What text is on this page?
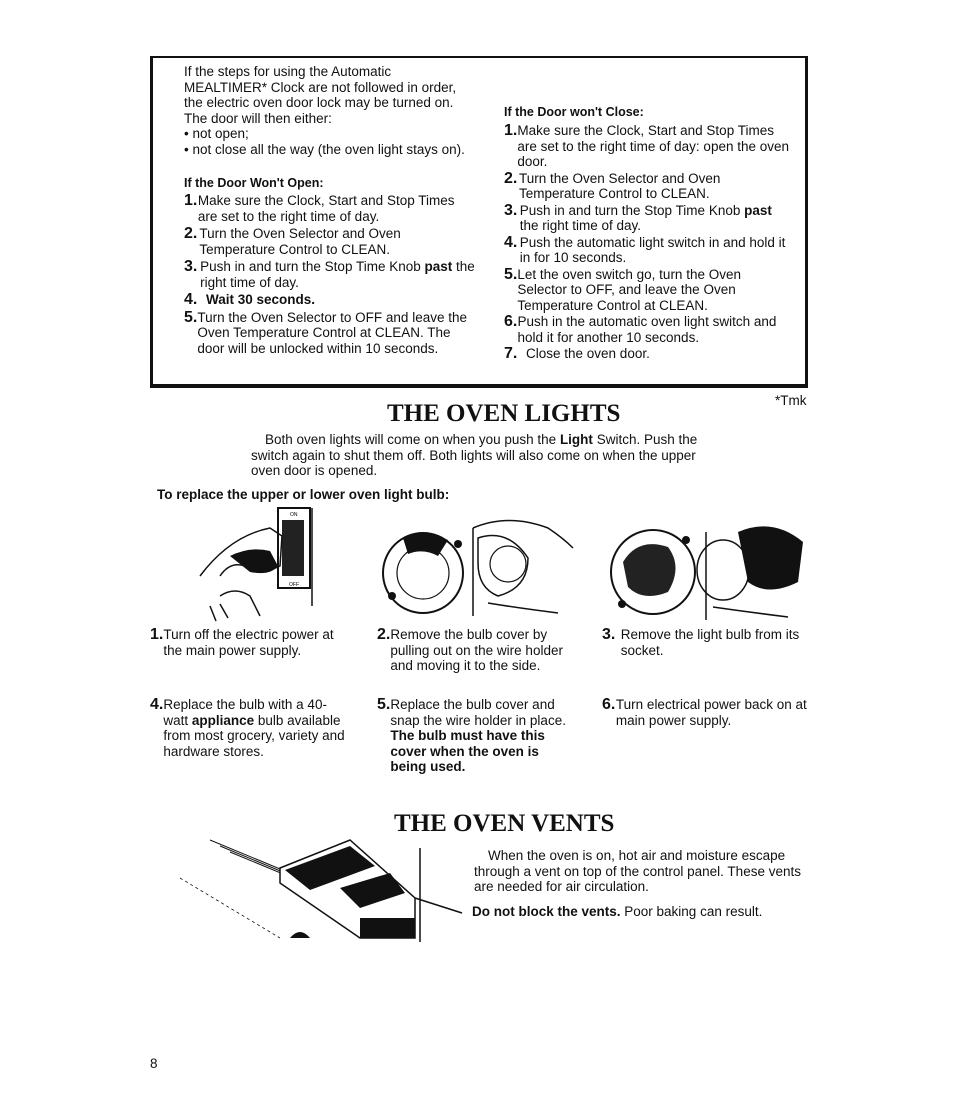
If the steps for using the Automatic MEALTIMER* Clock are not followed in order, the electric oven door lock may be turned on. The door will then either:
• not open;
• not close all the way (the oven light stays on).
If the Door Won't Open:
1. Make sure the Clock, Start and Stop Times are set to the right time of day.
2. Turn the Oven Selector and Oven Temperature Control to CLEAN.
3. Push in and turn the Stop Time Knob past the right time of day.
4. Wait 30 seconds.
5. Turn the Oven Selector to OFF and leave the Oven Temperature Control at CLEAN. The door will be unlocked within 10 seconds.
If the Door won't Close:
1. Make sure the Clock, Start and Stop Times are set to the right time of day: open the oven door.
2. Turn the Oven Selector and Oven Temperature Control to CLEAN.
3. Push in and turn the Stop Time Knob past the right time of day.
4. Push the automatic light switch in and hold it in for 10 seconds.
5. Let the oven switch go, turn the Oven Selector to OFF, and leave the Oven Temperature Control at CLEAN.
6. Push in the automatic oven light switch and hold it for another 10 seconds.
7. Close the oven door.
*Tmk
THE OVEN LIGHTS
Both oven lights will come on when you push the Light Switch. Push the switch again to shut them off. Both lights will also come on when the upper oven door is opened.
To replace the upper or lower oven light bulb:
ON
OFF
1. Turn off the electric power at the main power supply.
2. Remove the bulb cover by pulling out on the wire holder and moving it to the side.
3. Remove the light bulb from its socket.
4. Replace the bulb with a 40-watt appliance bulb available from most grocery, variety and hardware stores.
5. Replace the bulb cover and snap the wire holder in place. The bulb must have this cover when the oven is being used.
6. Turn electrical power back on at main power supply.
THE OVEN VENTS
When the oven is on, hot air and moisture escape through a vent on top of the control panel. These vents are needed for air circulation.
Do not block the vents. Poor baking can result.
8
